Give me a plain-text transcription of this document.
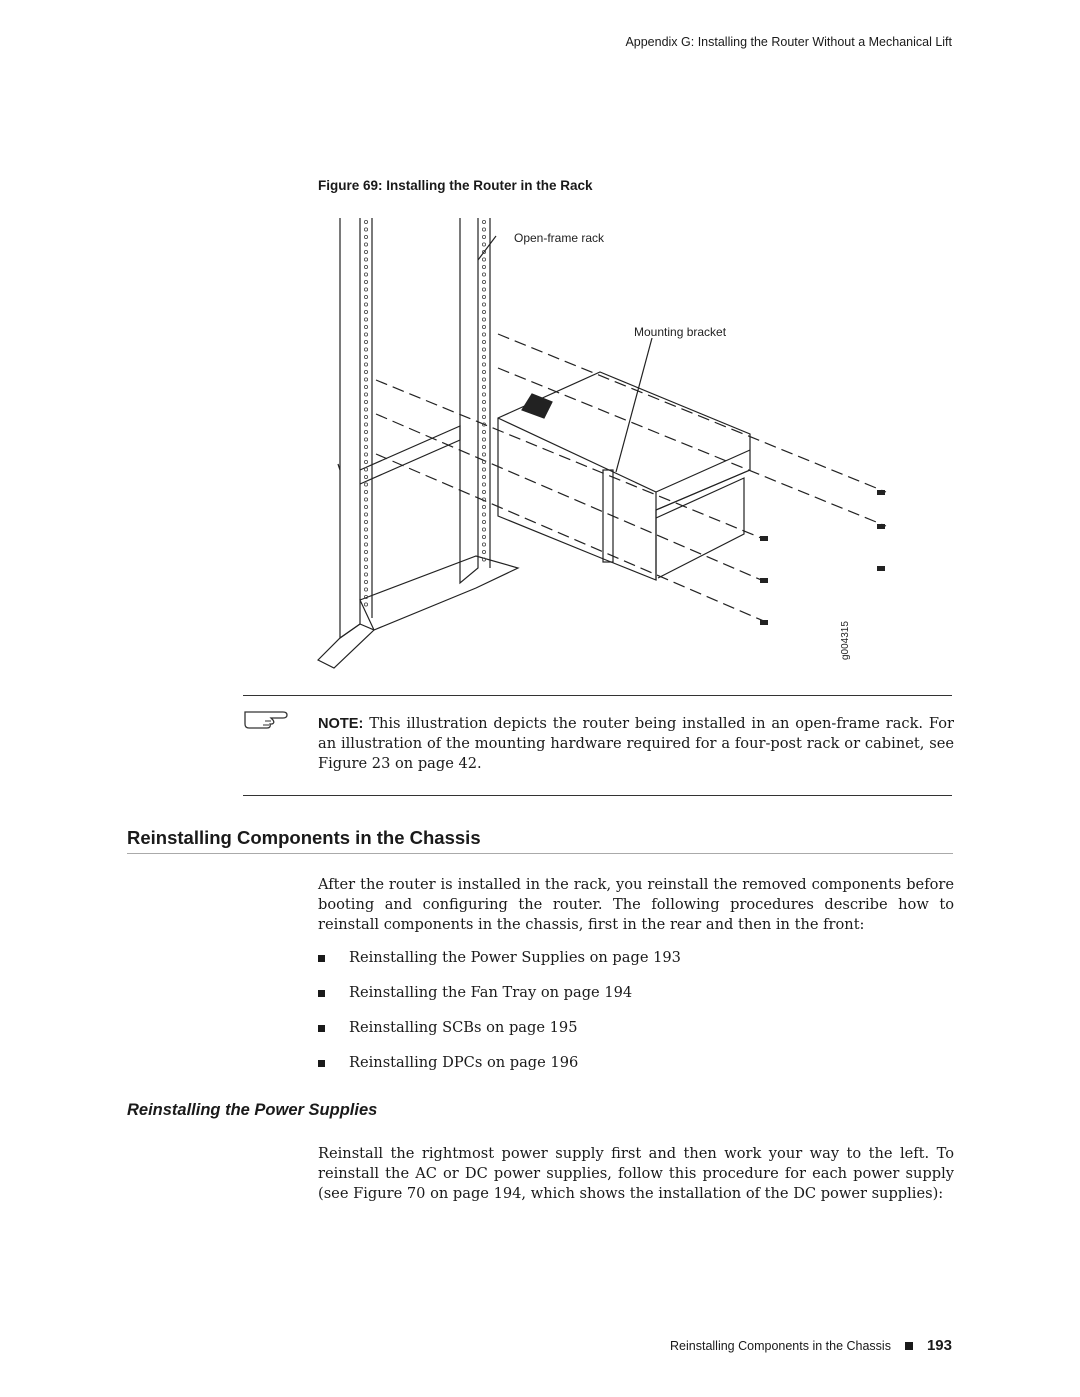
Appendix G: Installing the Router Without a Mechanical Lift
Figure 69: Installing the Router in the Rack
Open-frame rack
Mounting bracket
g004315
NOTE: This illustration depicts the router being installed in an open-frame rack. For an illustration of the mounting hardware required for a four-post rack or cabinet, see Figure 23 on page 42.
Reinstalling Components in the Chassis
After the router is installed in the rack, you reinstall the removed components before booting and configuring the router. The following procedures describe how to reinstall components in the chassis, first in the rear and then in the front:
Reinstalling the Power Supplies on page 193
Reinstalling the Fan Tray on page 194
Reinstalling SCBs on page 195
Reinstalling DPCs on page 196
Reinstalling the Power Supplies
Reinstall the rightmost power supply first and then work your way to the left. To reinstall the AC or DC power supplies, follow this procedure for each power supply (see Figure 70 on page 194, which shows the installation of the DC power supplies):
Reinstalling Components in the Chassis 193
